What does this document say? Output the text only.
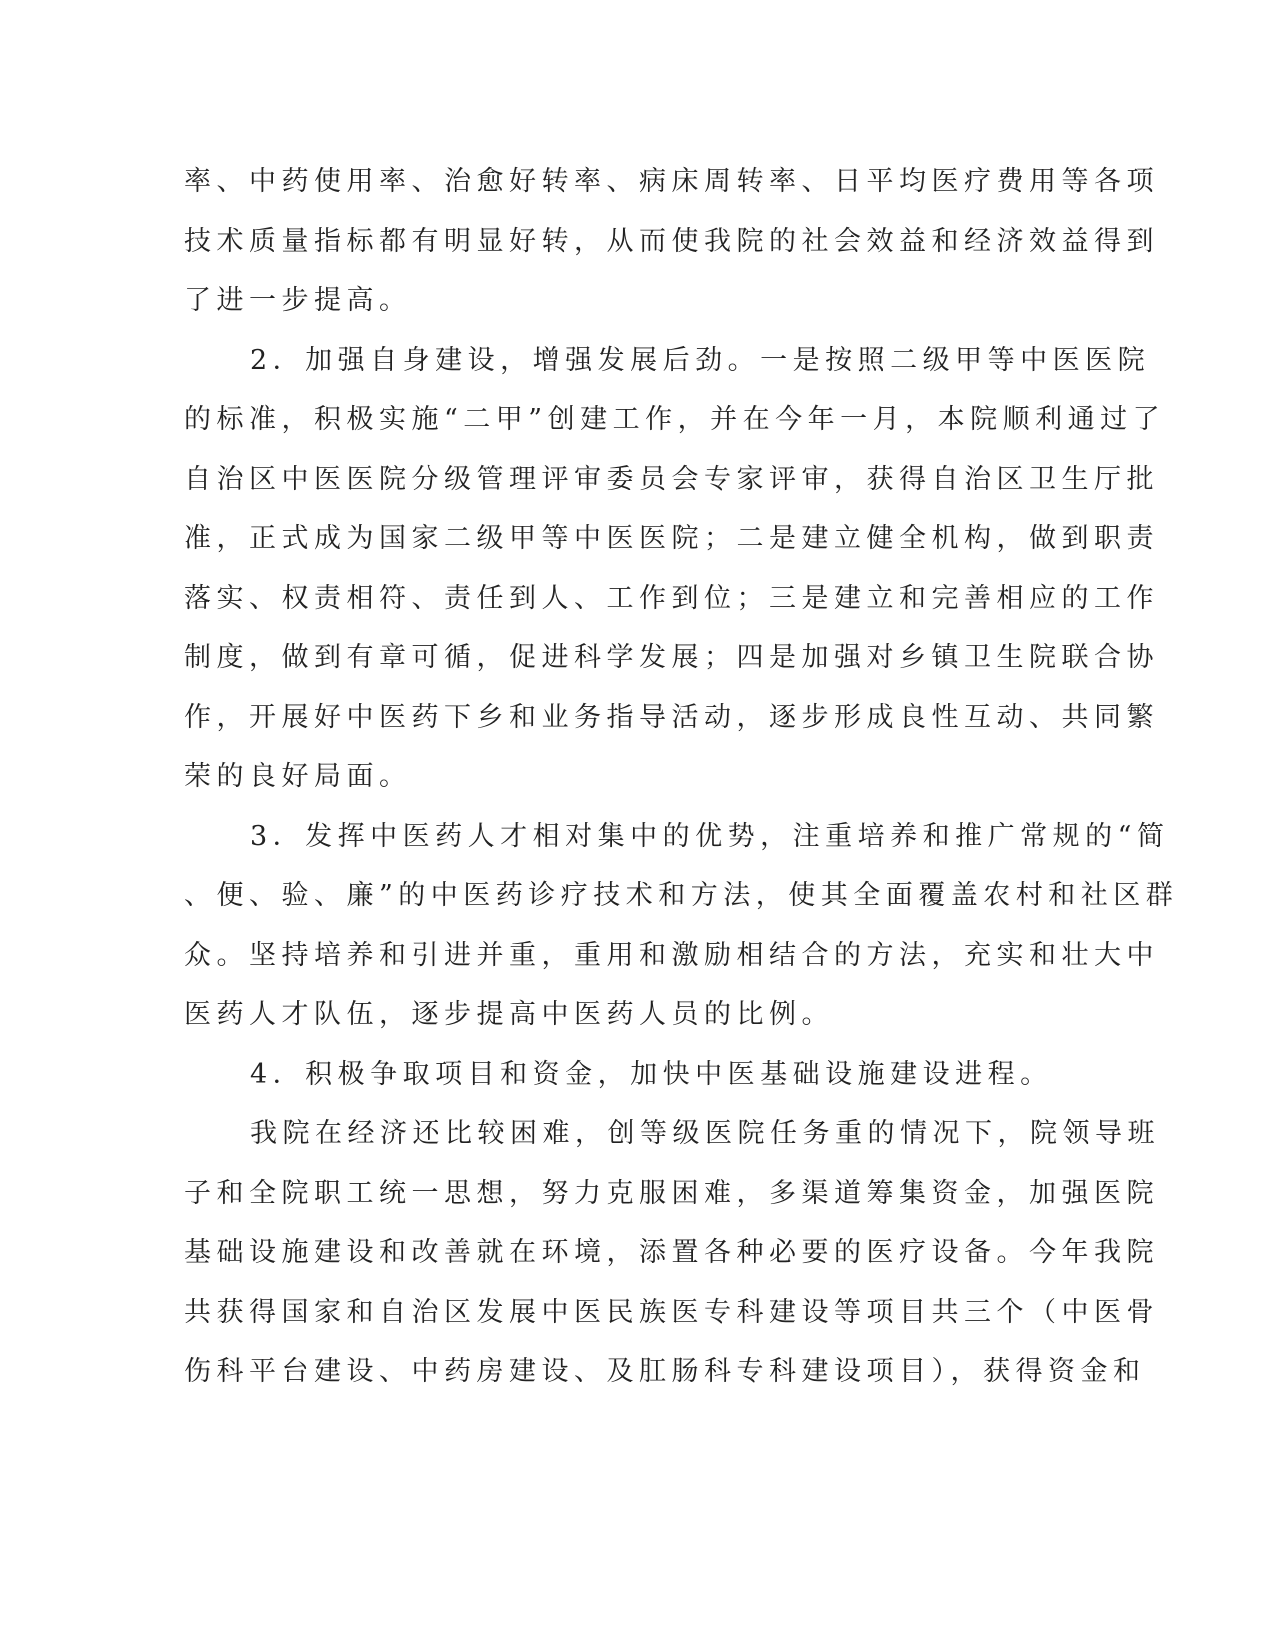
率、中药使用率、治愈好转率、病床周转率、日平均医疗费用等各项
技术质量指标都有明显好转，从而使我院的社会效益和经济效益得到
了进一步提高。
2．加强自身建设，增强发展后劲。一是按照二级甲等中医医院
的标准，积极实施“二甲”创建工作，并在今年一月，本院顺利通过了
自治区中医医院分级管理评审委员会专家评审，获得自治区卫生厅批
准，正式成为国家二级甲等中医医院；二是建立健全机构，做到职责
落实、权责相符、责任到人、工作到位；三是建立和完善相应的工作
制度，做到有章可循，促进科学发展；四是加强对乡镇卫生院联合协
作，开展好中医药下乡和业务指导活动，逐步形成良性互动、共同繁
荣的良好局面。
3．发挥中医药人才相对集中的优势，注重培养和推广常规的“简
、便、验、廉”的中医药诊疗技术和方法，使其全面覆盖农村和社区群
众。坚持培养和引进并重，重用和激励相结合的方法，充实和壮大中
医药人才队伍，逐步提高中医药人员的比例。
4．积极争取项目和资金，加快中医基础设施建设进程。
我院在经济还比较困难，创等级医院任务重的情况下，院领导班
子和全院职工统一思想，努力克服困难，多渠道筹集资金，加强医院
基础设施建设和改善就在环境，添置各种必要的医疗设备。今年我院
共获得国家和自治区发展中医民族医专科建设等项目共三个（中医骨
伤科平台建设、中药房建设、及肛肠科专科建设项目），获得资金和
